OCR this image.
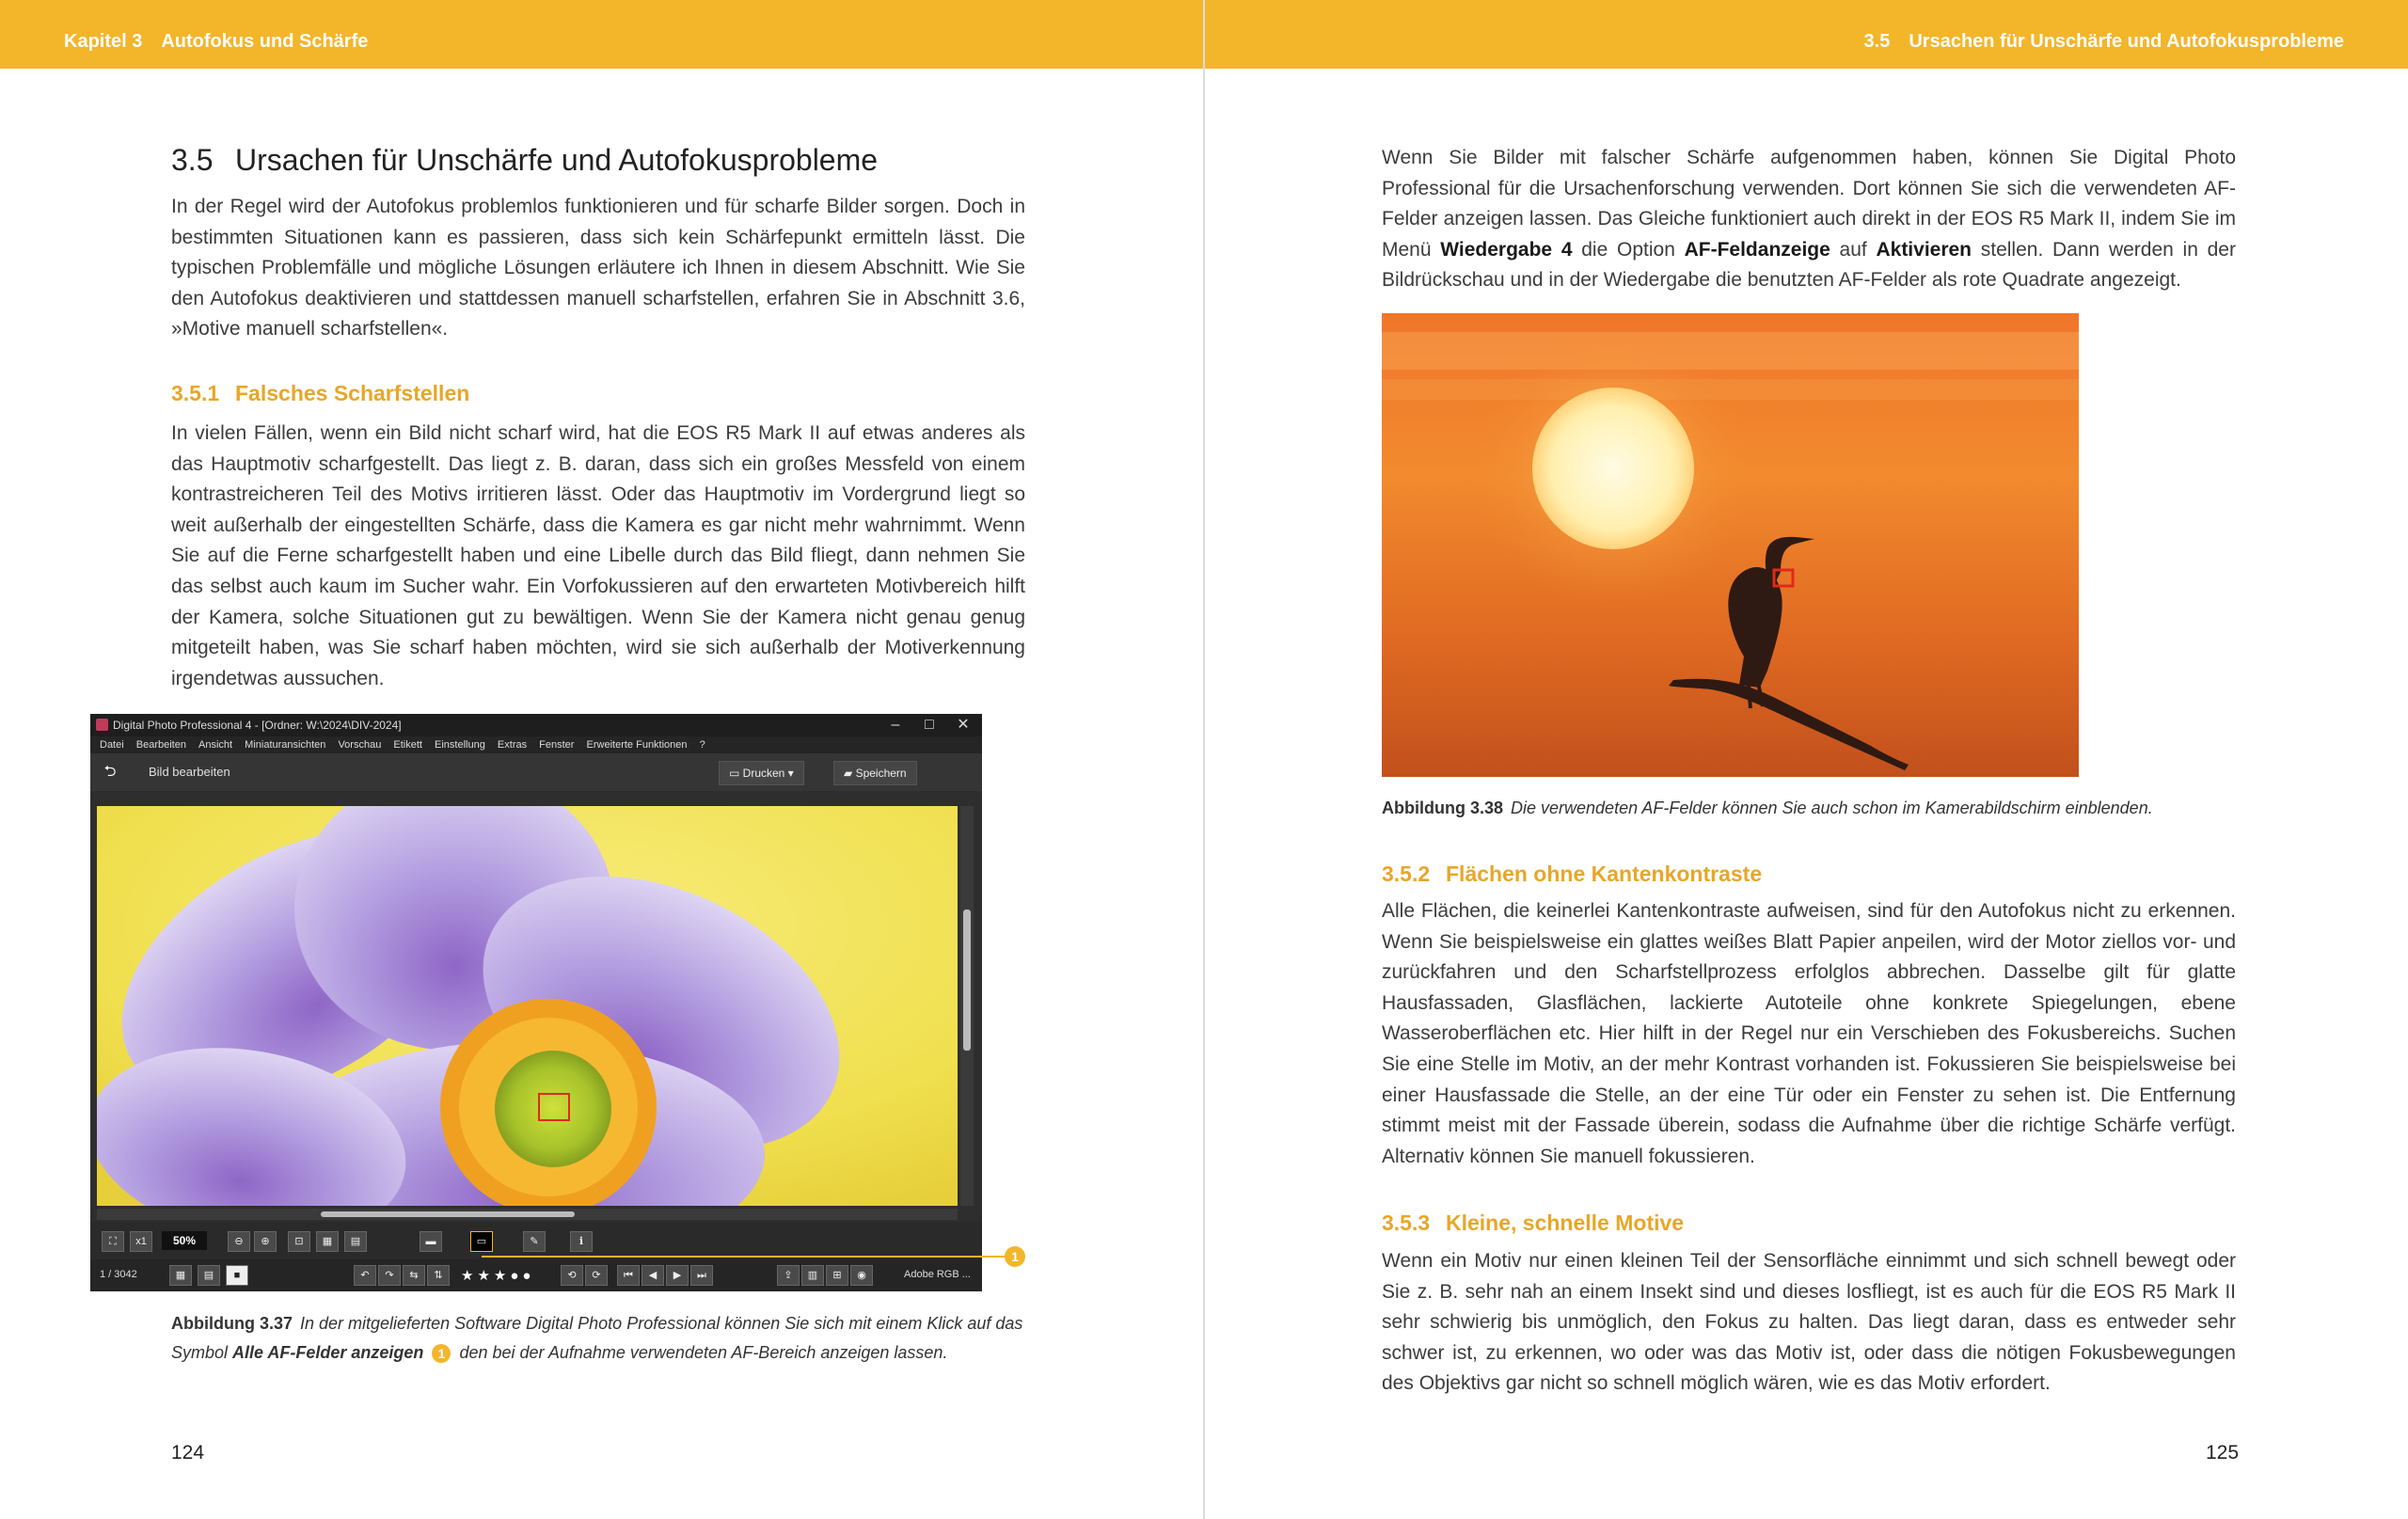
Kapitel 3 Autofokus und Schärfe
3.5 Ursachen für Unschärfe und Autofokusprobleme
In der Regel wird der Autofokus problemlos funktionieren und für scharfe Bilder sorgen. Doch in bestimmten Situationen kann es passieren, dass sich kein Schärfepunkt ermitteln lässt. Die typischen Problemfälle und mögliche Lösungen erläutere ich Ihnen in diesem Abschnitt. Wie Sie den Autofokus deaktivieren und stattdessen manuell scharfstellen, erfahren Sie in Abschnitt 3.6, »Motive manuell scharfstellen«.
3.5.1 Falsches Scharfstellen
In vielen Fällen, wenn ein Bild nicht scharf wird, hat die EOS R5 Mark II auf etwas anderes als das Hauptmotiv scharfgestellt. Das liegt z. B. daran, dass sich ein großes Messfeld von einem kontrastreicheren Teil des Motivs irritieren lässt. Oder das Hauptmotiv im Vordergrund liegt so weit außerhalb der eingestellten Schärfe, dass die Kamera es gar nicht mehr wahrnimmt. Wenn Sie auf die Ferne scharfgestellt haben und eine Libelle durch das Bild fliegt, dann nehmen Sie das selbst auch kaum im Sucher wahr. Ein Vorfokussieren auf den erwarteten Motivbereich hilft der Kamera, solche Situationen gut zu bewältigen. Wenn Sie der Kamera nicht genau genug mitgeteilt haben, was Sie scharf haben möchten, wird sie sich außerhalb der Motiverkennung irgendetwas aussuchen.
Abbildung 3.37 In der mitgelieferten Software Digital Photo Professional können Sie sich mit einem Klick auf das Symbol Alle AF-Felder anzeigen 1 den bei der Aufnahme verwendeten AF-Bereich anzeigen lassen.
124
Digital Photo Professional 4 - [Ordner: W:\2024\DIV-2024]	–	□	✕
Datei Bearbeiten Ansicht Miniaturansichten Vorschau Etikett Einstellung Extras Fenster Erweiterte Funktionen ?
⮌	Bild bearbeiten	▭ Drucken ▾	▰ Speichern
⛶	x1	50%	⊖	⊕	⊡	▦	▤	▬	▭	✎	ℹ
1 / 3042	▦	▤	■	↶	↷	⇆	⇅	★★★●●	⟲	⟳	⏮	◀	▶	⏭	⇪	▥	⊞	◉	Adobe RGB ...
1
3.5 Ursachen für Unschärfe und Autofokusprobleme
Wenn Sie Bilder mit falscher Schärfe aufgenommen haben, können Sie Digital Photo Professional für die Ursachenforschung verwenden. Dort können Sie sich die verwendeten AF-Felder anzeigen lassen. Das Gleiche funktioniert auch direkt in der EOS R5 Mark II, indem Sie im Menü Wiedergabe 4 die Option AF-Feldanzeige auf Aktivieren stellen. Dann werden in der Bildrückschau und in der Wiedergabe die benutzten AF-Felder als rote Quadrate angezeigt.
Abbildung 3.38 Die verwendeten AF-Felder können Sie auch schon im Kamerabildschirm einblenden.
3.5.2 Flächen ohne Kantenkontraste
Alle Flächen, die keinerlei Kantenkontraste aufweisen, sind für den Autofokus nicht zu erkennen. Wenn Sie beispielsweise ein glattes weißes Blatt Papier anpeilen, wird der Motor ziellos vor- und zurückfahren und den Scharfstellprozess erfolglos abbrechen. Dasselbe gilt für glatte Hausfassaden, Glasflächen, lackierte Autoteile ohne konkrete Spiegelungen, ebene Wasseroberflächen etc. Hier hilft in der Regel nur ein Verschieben des Fokusbereichs. Suchen Sie eine Stelle im Motiv, an der mehr Kontrast vorhanden ist. Fokussieren Sie beispielsweise bei einer Hausfassade die Stelle, an der eine Tür oder ein Fenster zu sehen ist. Die Entfernung stimmt meist mit der Fassade überein, sodass die Aufnahme über die richtige Schärfe verfügt. Alternativ können Sie manuell fokussieren.
3.5.3 Kleine, schnelle Motive
Wenn ein Motiv nur einen kleinen Teil der Sensorfläche einnimmt und sich schnell bewegt oder Sie z. B. sehr nah an einem Insekt sind und dieses losfliegt, ist es auch für die EOS R5 Mark II sehr schwierig bis unmöglich, den Fokus zu halten. Das liegt daran, dass es entweder sehr schwer ist, zu erkennen, wo oder was das Motiv ist, oder dass die nötigen Fokusbewegungen des Objektivs gar nicht so schnell möglich wären, wie es das Motiv erfordert.
125
